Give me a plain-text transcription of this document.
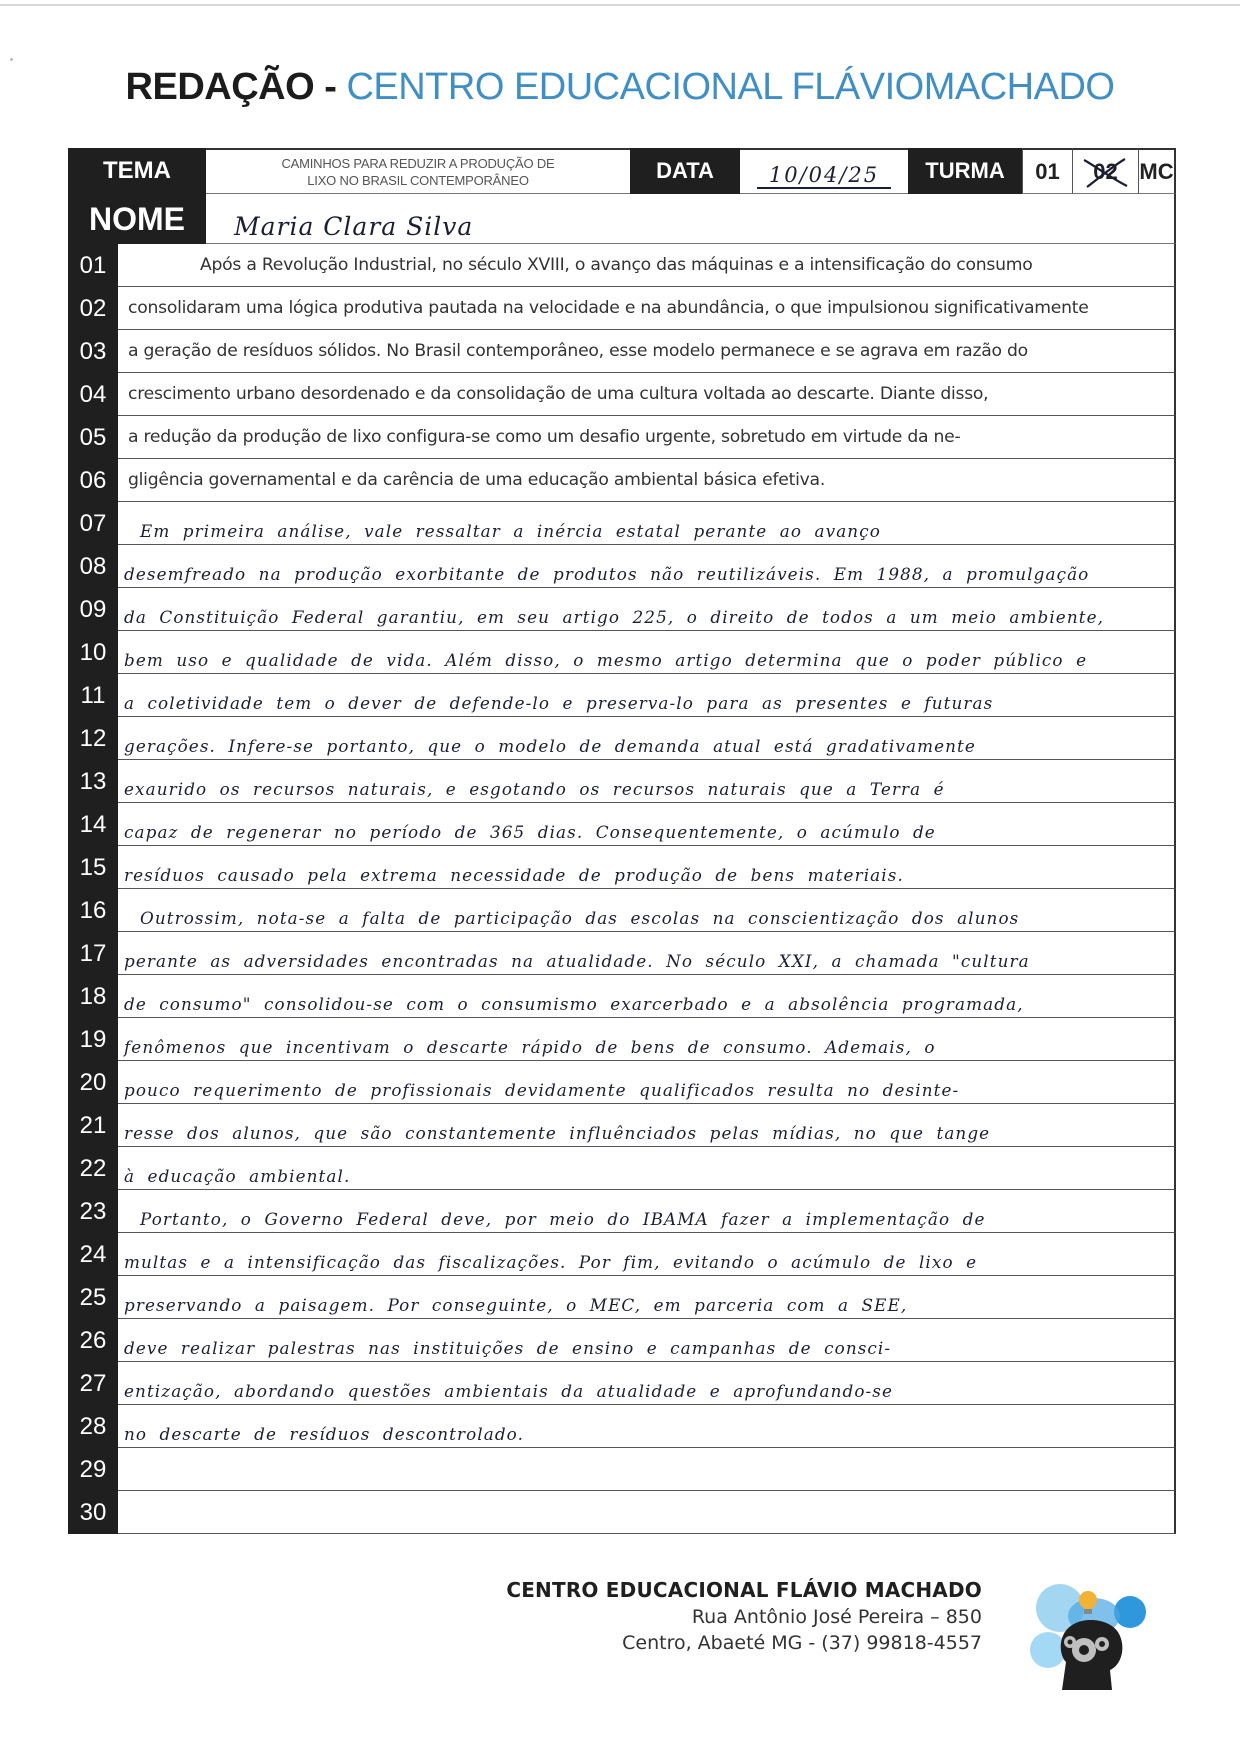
REDAÇÃO - CENTRO EDUCACIONAL FLÁVIOMACHADO
TEMA	CAMINHOS PARA REDUZIR A PRODUÇÃO DE LIXO NO BRASIL CONTEMPORÂNEO	DATA	10/04/25	TURMA	01	02 MC
NOME	Maria Clara Silva
01	Após a Revolução Industrial, no século XVIII, o avanço das máquinas e a intensificação do consumo
02	consolidaram uma lógica produtiva pautada na velocidade e na abundância, o que impulsionou significativamente
03	a geração de resíduos sólidos. No Brasil contemporâneo, esse modelo permanece e se agrava em razão do
04	crescimento urbano desordenado e da consolidação de uma cultura voltada ao descarte. Diante disso,
05	a redução da produção de lixo configura-se como um desafio urgente, sobretudo em virtude da ne-
06	gligência governamental e da carência de uma educação ambiental básica efetiva.
07	Em primeira análise, vale ressaltar a inércia estatal perante ao avanço
08	desemfreado na produção exorbitante de produtos não reutilizáveis. Em 1988, a promulgação
09	da Constituição Federal garantiu, em seu artigo 225, o direito de todos a um meio ambiente,
10	bem uso e qualidade de vida. Além disso, o mesmo artigo determina que o poder público e
11	a coletividade tem o dever de defende-lo e preserva-lo para as presentes e futuras
12	gerações. Infere-se portanto, que o modelo de demanda atual está gradativamente
13	exaurido os recursos naturais, e esgotando os recursos naturais que a Terra é
14	capaz de regenerar no período de 365 dias. Consequentemente, o acúmulo de
15	resíduos causado pela extrema necessidade de produção de bens materiais.
16	Outrossim, nota-se a falta de participação das escolas na conscientização dos alunos
17	perante as adversidades encontradas na atualidade. No século XXI, a chamada "cultura
18	de consumo" consolidou-se com o consumismo exarcerbado e a absolência programada,
19	fenômenos que incentivam o descarte rápido de bens de consumo. Ademais, o
20	pouco requerimento de profissionais devidamente qualificados resulta no desinte-
21	resse dos alunos, que são constantemente influênciados pelas mídias, no que tange
22	à educação ambiental.
23	Portanto, o Governo Federal deve, por meio do IBAMA fazer a implementação de
24	multas e a intensificação das fiscalizações. Por fim, evitando o acúmulo de lixo e
25	preservando a paisagem. Por conseguinte, o MEC, em parceria com a SEE,
26	deve realizar palestras nas instituições de ensino e campanhas de consci-
27	entização, abordando questões ambientais da atualidade e aprofundando-se
28	no descarte de resíduos descontrolado.
29
30
CENTRO EDUCACIONAL FLÁVIO MACHADO
Rua Antônio José Pereira – 850
Centro, Abaeté MG - (37) 99818-4557
